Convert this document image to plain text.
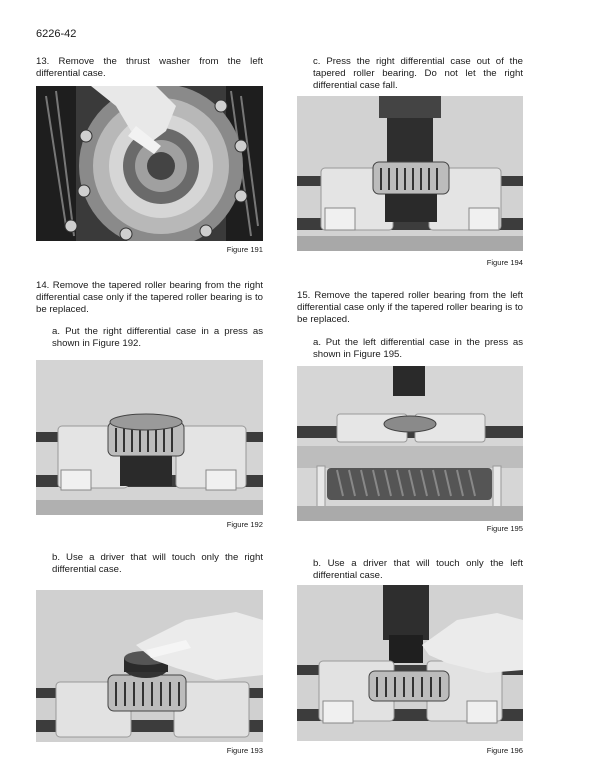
6226-42
13. Remove the thrust washer from the left differential case.
Figure 191
14. Remove the tapered roller bearing from the right differential case only if the tapered roller bearing is to be replaced.
a. Put the right differential case in a press as shown in Figure 192.
Figure 192
b. Use a driver that will touch only the right differential case.
Figure 193
c. Press the right differential case out of the tapered roller bearing. Do not let the right differential case fall.
Figure 194
15. Remove the tapered roller bearing from the left differential case only if the tapered roller bearing is to be replaced.
a. Put the left differential case in the press as shown in Figure 195.
Figure 195
b. Use a driver that will touch only the left differential case.
Figure 196
